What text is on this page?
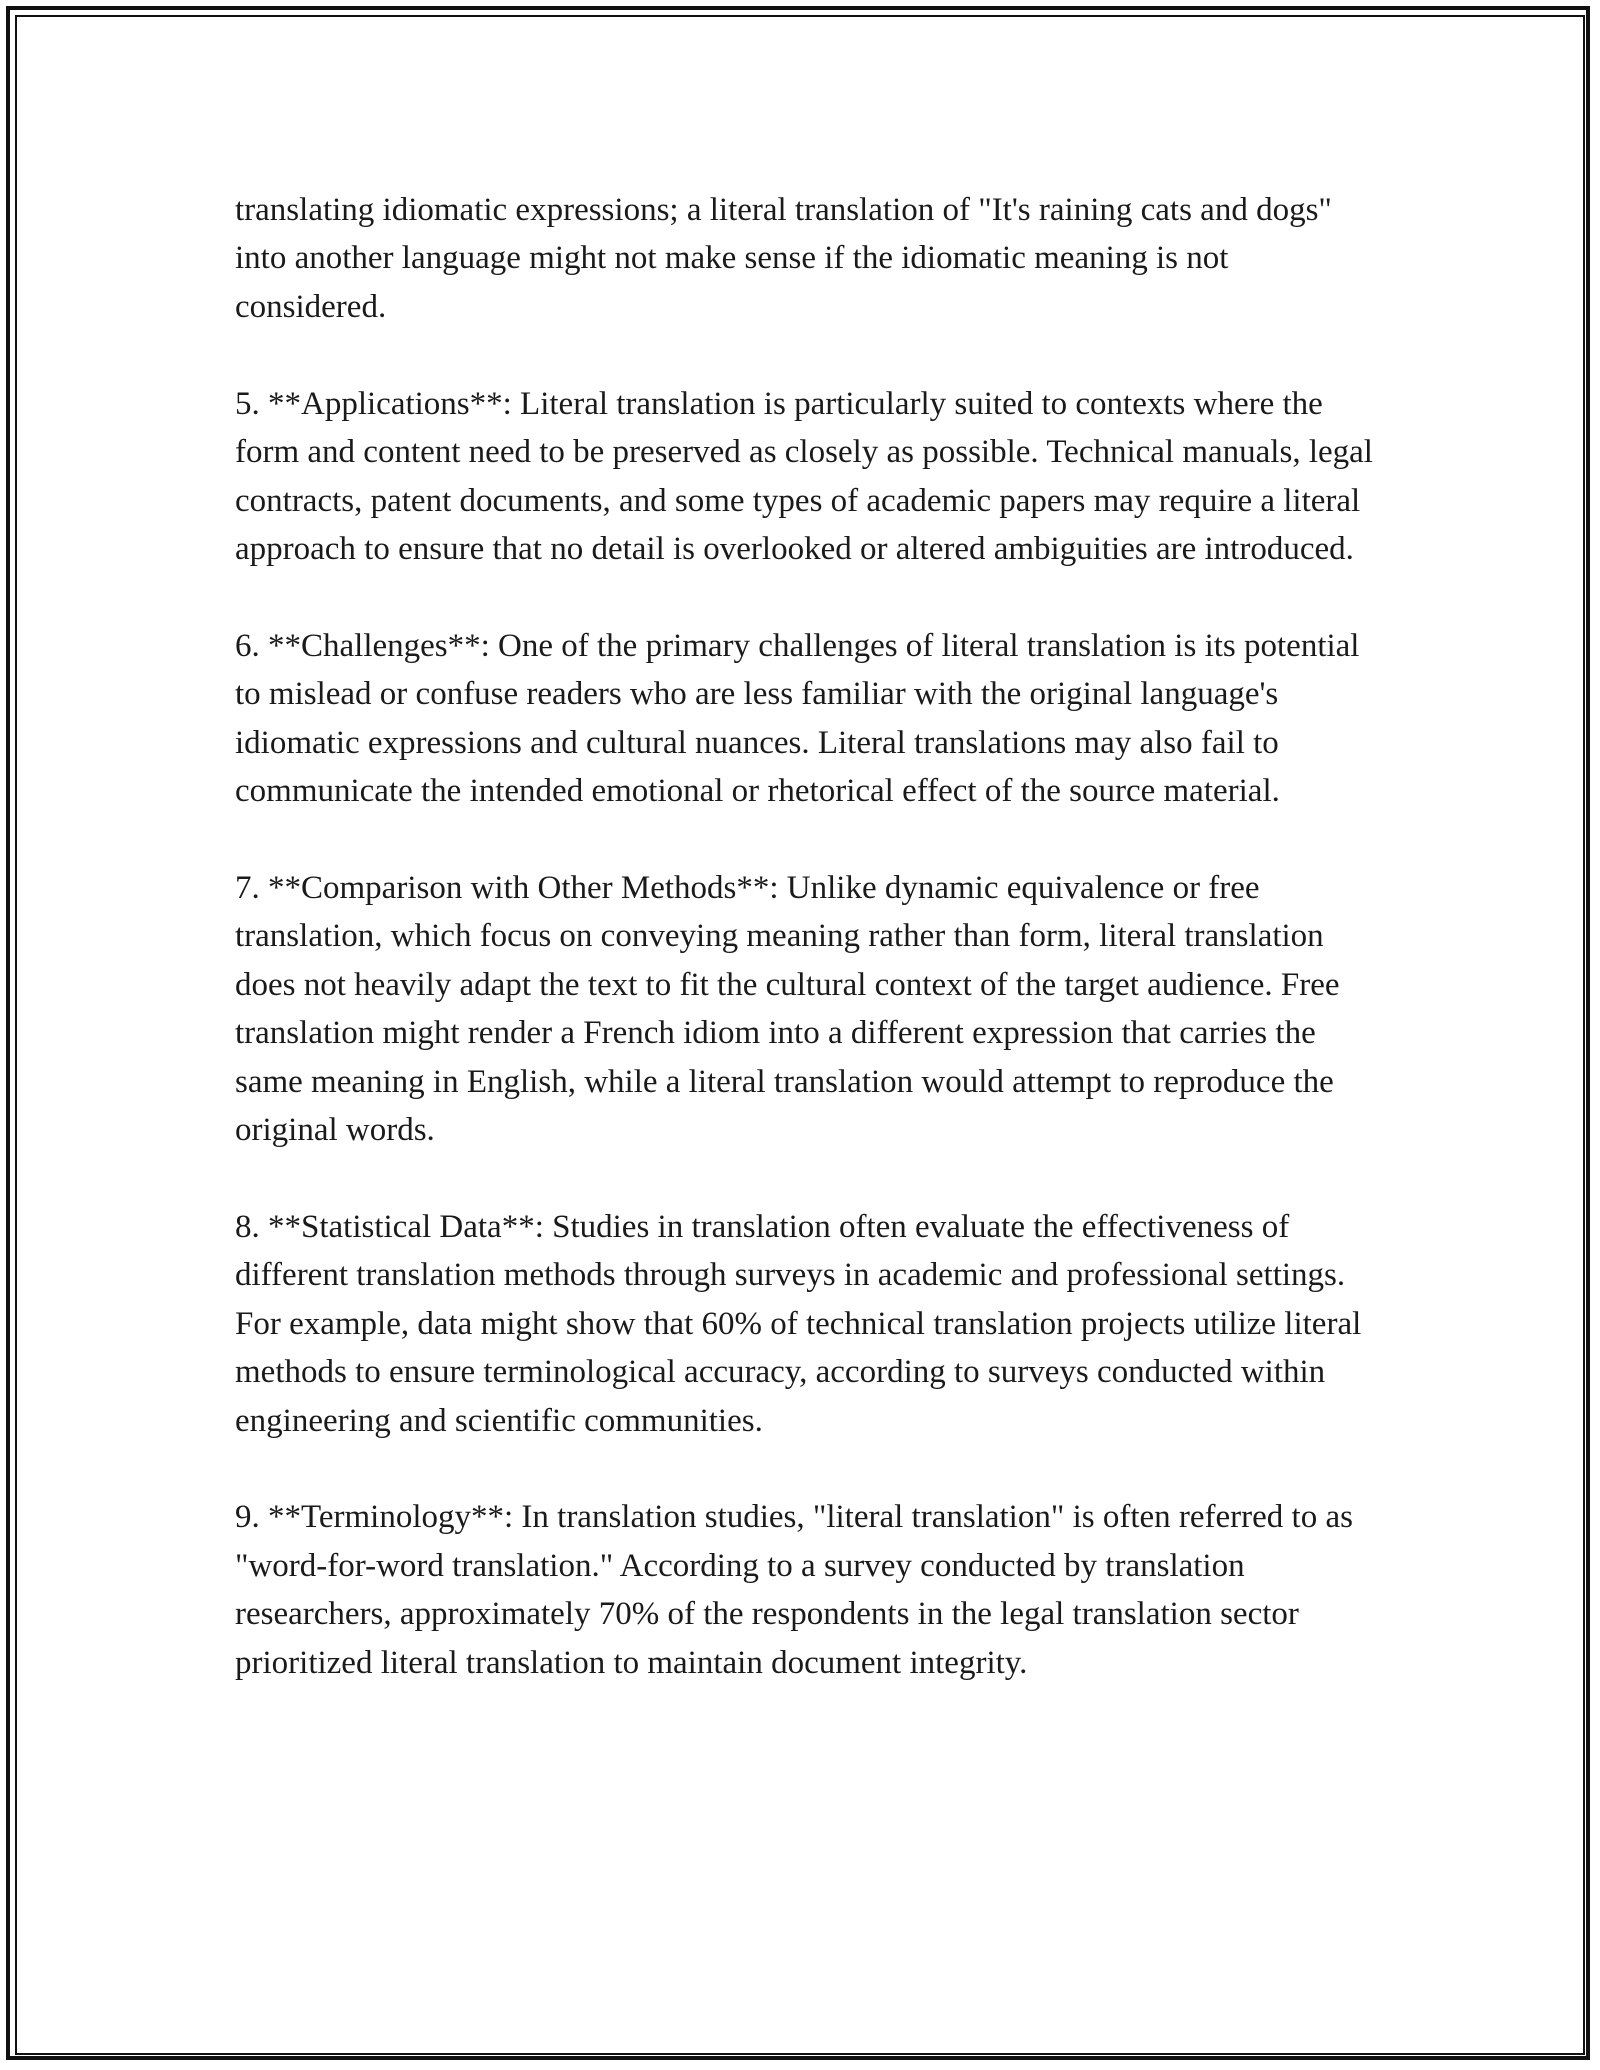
translating idiomatic expressions; a literal translation of "It's raining cats and dogs" into another language might not make sense if the idiomatic meaning is not considered.

5. **Applications**: Literal translation is particularly suited to contexts where the form and content need to be preserved as closely as possible. Technical manuals, legal contracts, patent documents, and some types of academic papers may require a literal approach to ensure that no detail is overlooked or altered ambiguities are introduced.

6. **Challenges**: One of the primary challenges of literal translation is its potential to mislead or confuse readers who are less familiar with the original language's idiomatic expressions and cultural nuances. Literal translations may also fail to communicate the intended emotional or rhetorical effect of the source material.

7. **Comparison with Other Methods**: Unlike dynamic equivalence or free translation, which focus on conveying meaning rather than form, literal translation does not heavily adapt the text to fit the cultural context of the target audience. Free translation might render a French idiom into a different expression that carries the same meaning in English, while a literal translation would attempt to reproduce the original words.

8. **Statistical Data**: Studies in translation often evaluate the effectiveness of different translation methods through surveys in academic and professional settings. For example, data might show that 60% of technical translation projects utilize literal methods to ensure terminological accuracy, according to surveys conducted within engineering and scientific communities.

9. **Terminology**: In translation studies, "literal translation" is often referred to as "word-for-word translation." According to a survey conducted by translation researchers, approximately 70% of the respondents in the legal translation sector prioritized literal translation to maintain document integrity.
